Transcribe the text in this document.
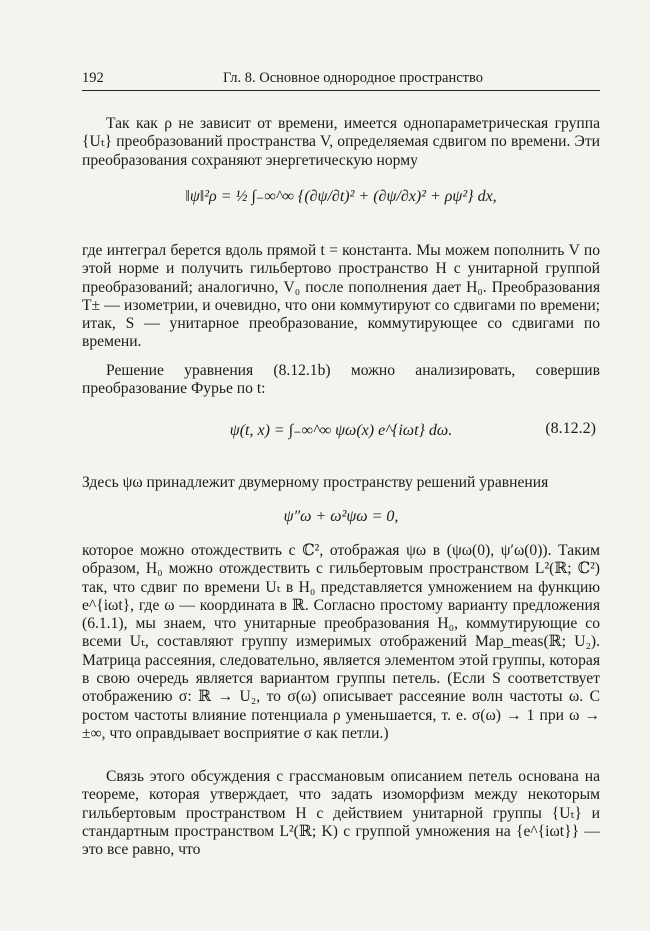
192	Гл. 8. Основное однородное пространство

Так как ρ не зависит от времени, имеется однопараметрическая группа {Uₜ} преобразований пространства V, определяемая сдвигом по времени. Эти преобразования сохраняют энергетическую норму

‖ψ‖²ρ = ½ ∫₋∞^∞ {(∂ψ/∂t)² + (∂ψ/∂x)² + ρψ²} dx,

где интеграл берется вдоль прямой t = константа. Мы можем пополнить V по этой норме и получить гильбертово пространство H с унитарной группой преобразований; аналогично, V₀ после пополнения дает H₀. Преобразования T± — изометрии, и очевидно, что они коммутируют со сдвигами по времени; итак, S — унитарное преобразование, коммутирующее со сдвигами по времени.

Решение уравнения (8.12.1b) можно анализировать, совершив преобразование Фурье по t:

ψ(t, x) = ∫₋∞^∞ ψω(x) e^{iωt} dω.	(8.12.2)

Здесь ψω принадлежит двумерному пространству решений уравнения

ψ″ω + ω²ψω = 0,

которое можно отождествить с ℂ², отображая ψω в (ψω(0), ψ′ω(0)). Таким образом, H₀ можно отождествить с гильбертовым пространством L²(ℝ; ℂ²) так, что сдвиг по времени Uₜ в H₀ представляется умножением на функцию e^{iωt}, где ω — координата в ℝ. Согласно простому варианту предложения (6.1.1), мы знаем, что унитарные преобразования H₀, коммутирующие со всеми Uₜ, составляют группу измеримых отображений Map_meas(ℝ; U₂). Матрица рассеяния, следовательно, является элементом этой группы, которая в свою очередь является вариантом группы петель. (Если S соответствует отображению σ: ℝ → U₂, то σ(ω) описывает рассеяние волн частоты ω. С ростом частоты влияние потенциала ρ уменьшается, т. е. σ(ω) → 1 при ω → ±∞, что оправдывает восприятие σ как петли.)

Связь этого обсуждения с грассмановым описанием петель основана на теореме, которая утверждает, что задать изоморфизм между некоторым гильбертовым пространством H с действием унитарной группы {Uₜ} и стандартным пространством L²(ℝ; K) с группой умножения на {e^{iωt}} — это все равно, что
